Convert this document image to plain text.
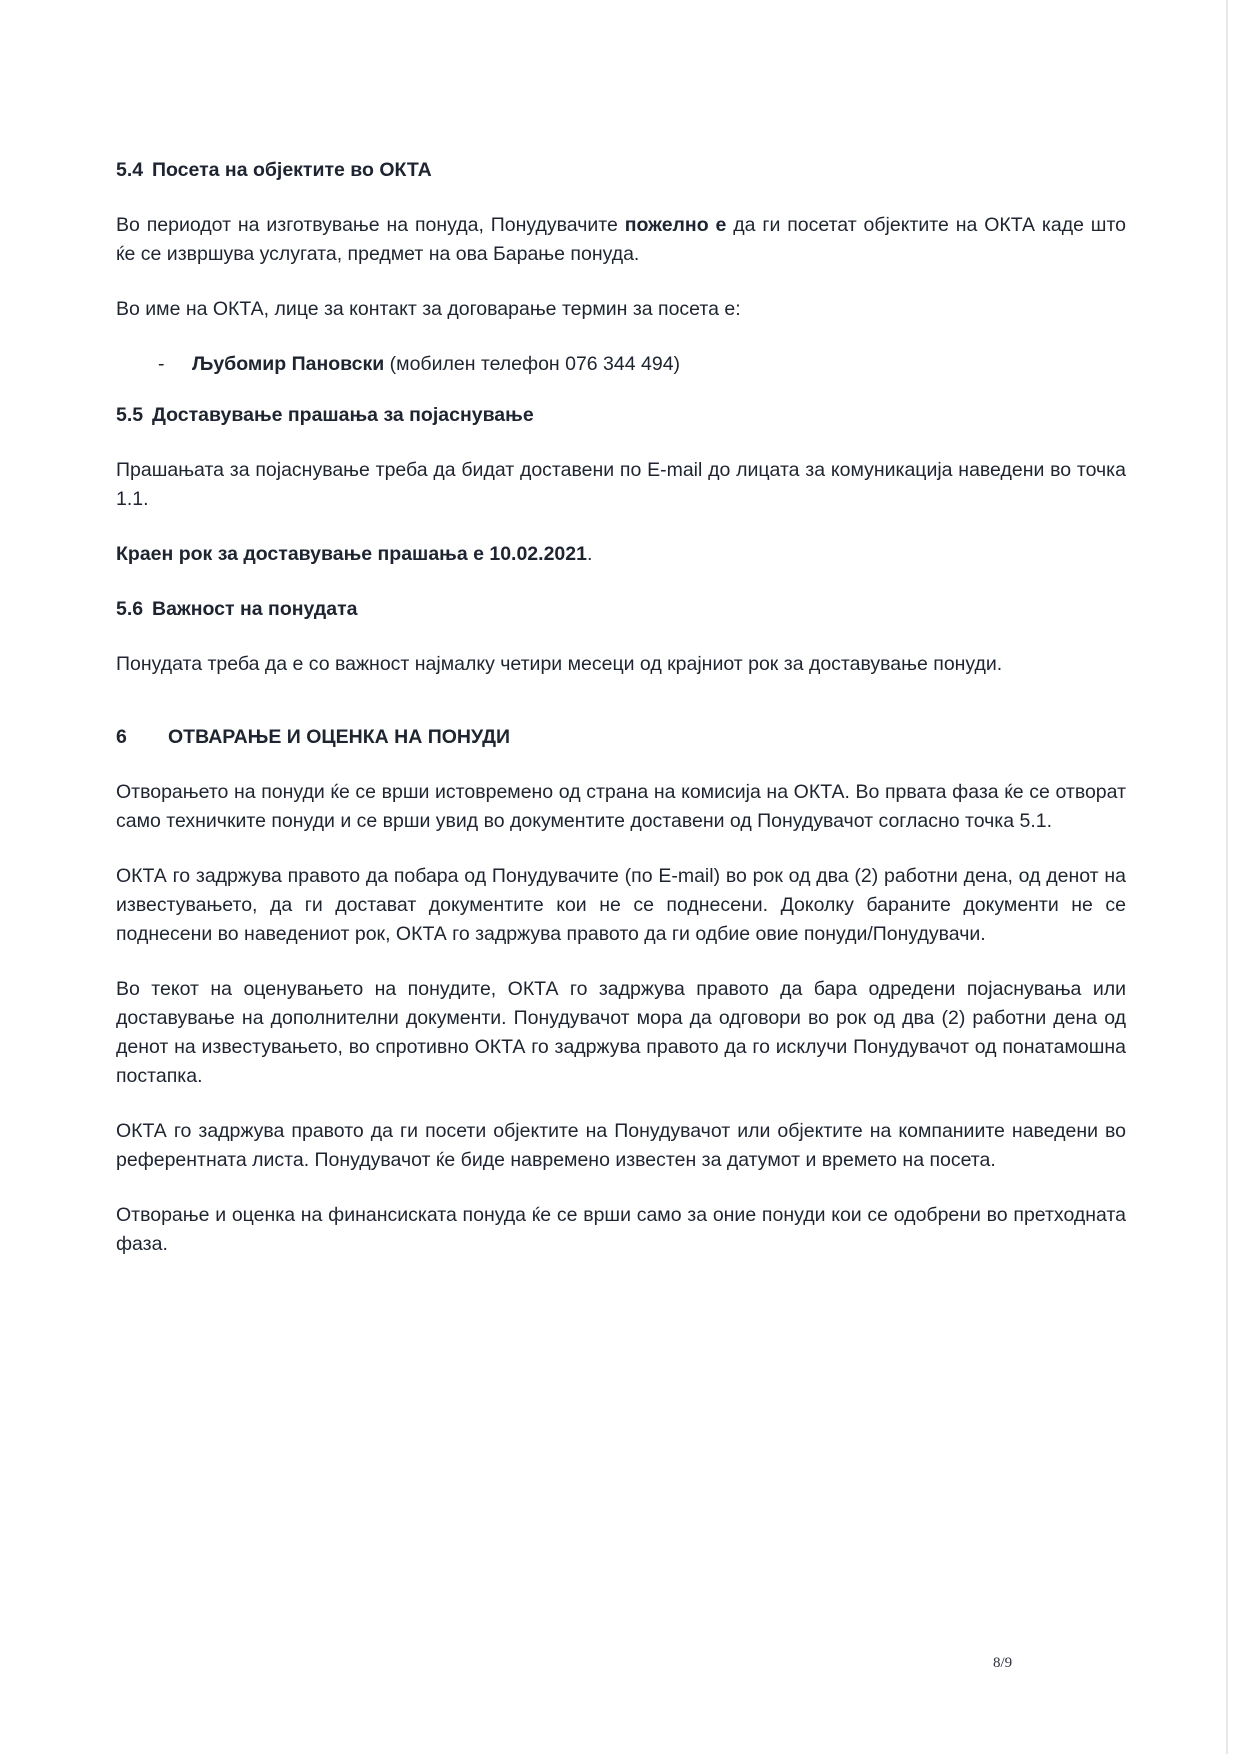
5.4 Посета на објектите во ОКТА

Во периодот на изготвување на понуда, Понудувачите пожелно е да ги посетат објектите на ОКТА каде што ќе се извршува услугата, предмет на ова Барање понуда.

Во име на ОКТА, лице за контакт за договарање термин за посета е:

- Љубомир Пановски (мобилен телефон 076 344 494)
5.5 Доставување прашања за појаснување

Прашањата за појаснување треба да бидат доставени по E-mail до лицата за комуникација наведени во точка 1.1.

Краен рок за доставување прашања е 10.02.2021.

5.6 Важност на понудата

Понудата треба да е со важност најмалку четири месеци од крајниот рок за доставување понуди.

6 ОТВАРАЊЕ И ОЦЕНКА НА ПОНУДИ

Отворањето на понуди ќе се врши истовремено од страна на комисија на ОКТА. Во првата фаза ќе се отворат само техничките понуди и се врши увид во документите доставени од Понудувачот согласно точка 5.1.

ОКТА го задржува правото да побара од Понудувачите (по E-mail) во рок од два (2) работни дена, од денот на известувањето, да ги достават документите кои не се поднесени. Доколку бараните документи не се поднесени во наведениот рок, ОКТА го задржува правото да ги одбие овие понуди/Понудувачи.

Во текот на оценувањето на понудите, ОКТА го задржува правото да бара одредени појаснувања или доставување на дополнителни документи. Понудувачот мора да одговори во рок од два (2) работни дена од денот на известувањето, во спротивно ОКТА го задржува правото да го исклучи Понудувачот од понатамошна постапка.

ОКТА го задржува правото да ги посети објектите на Понудувачот или објектите на компаниите наведени во референтната листа. Понудувачот ќе биде навремено известен за датумот и времето на посета.

Отворање и оценка на финансиската понуда ќе се врши само за оние понуди кои се одобрени во претходната фаза.

8/9
